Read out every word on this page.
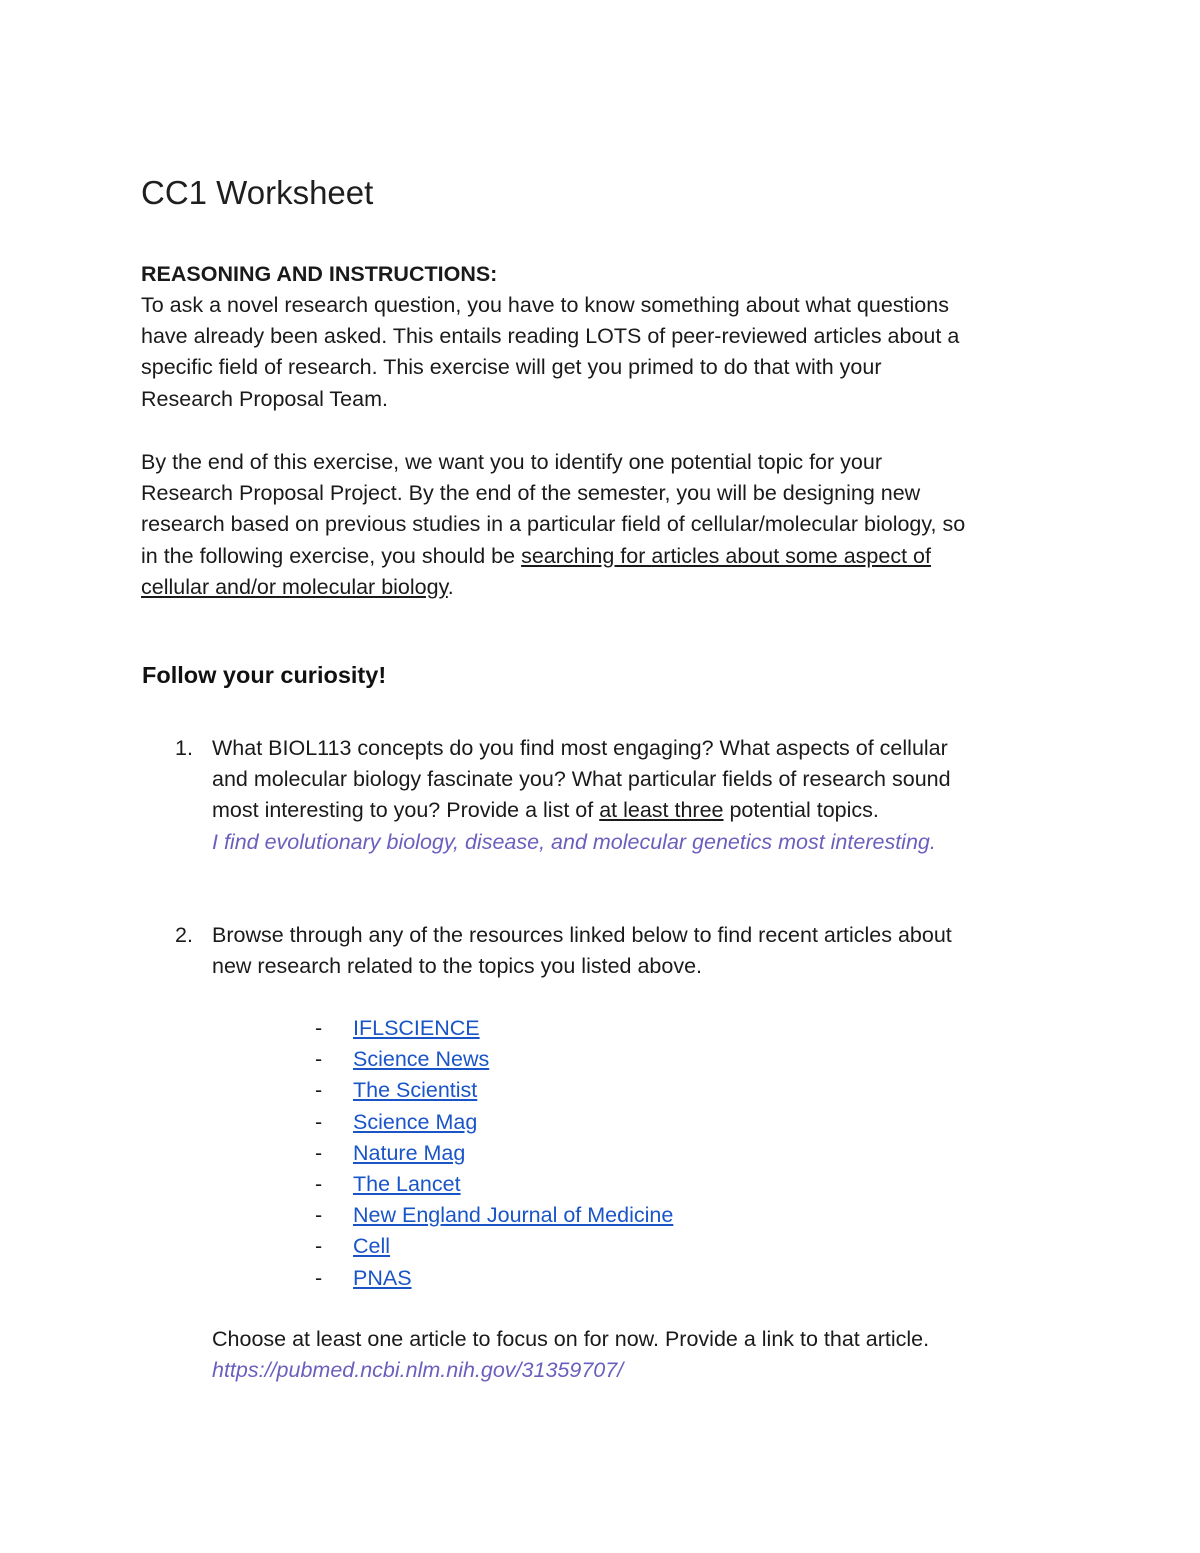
CC1 Worksheet
REASONING AND INSTRUCTIONS:
To ask a novel research question, you have to know something about what questions
have already been asked. This entails reading LOTS of peer-reviewed articles about a
specific field of research. This exercise will get you primed to do that with your
Research Proposal Team.
By the end of this exercise, we want you to identify one potential topic for your
Research Proposal Project. By the end of the semester, you will be designing new
research based on previous studies in a particular field of cellular/molecular biology, so
in the following exercise, you should be searching for articles about some aspect of
cellular and/or molecular biology.
Follow your curiosity!
1. What BIOL113 concepts do you find most engaging? What aspects of cellular
and molecular biology fascinate you? What particular fields of research sound
most interesting to you? Provide a list of at least three potential topics.
I find evolutionary biology, disease, and molecular genetics most interesting.
2. Browse through any of the resources linked below to find recent articles about
new research related to the topics you listed above.
- IFLSCIENCE
- Science News
- The Scientist
- Science Mag
- Nature Mag
- The Lancet
- New England Journal of Medicine
- Cell
- PNAS
Choose at least one article to focus on for now. Provide a link to that article.
https://pubmed.ncbi.nlm.nih.gov/31359707/
